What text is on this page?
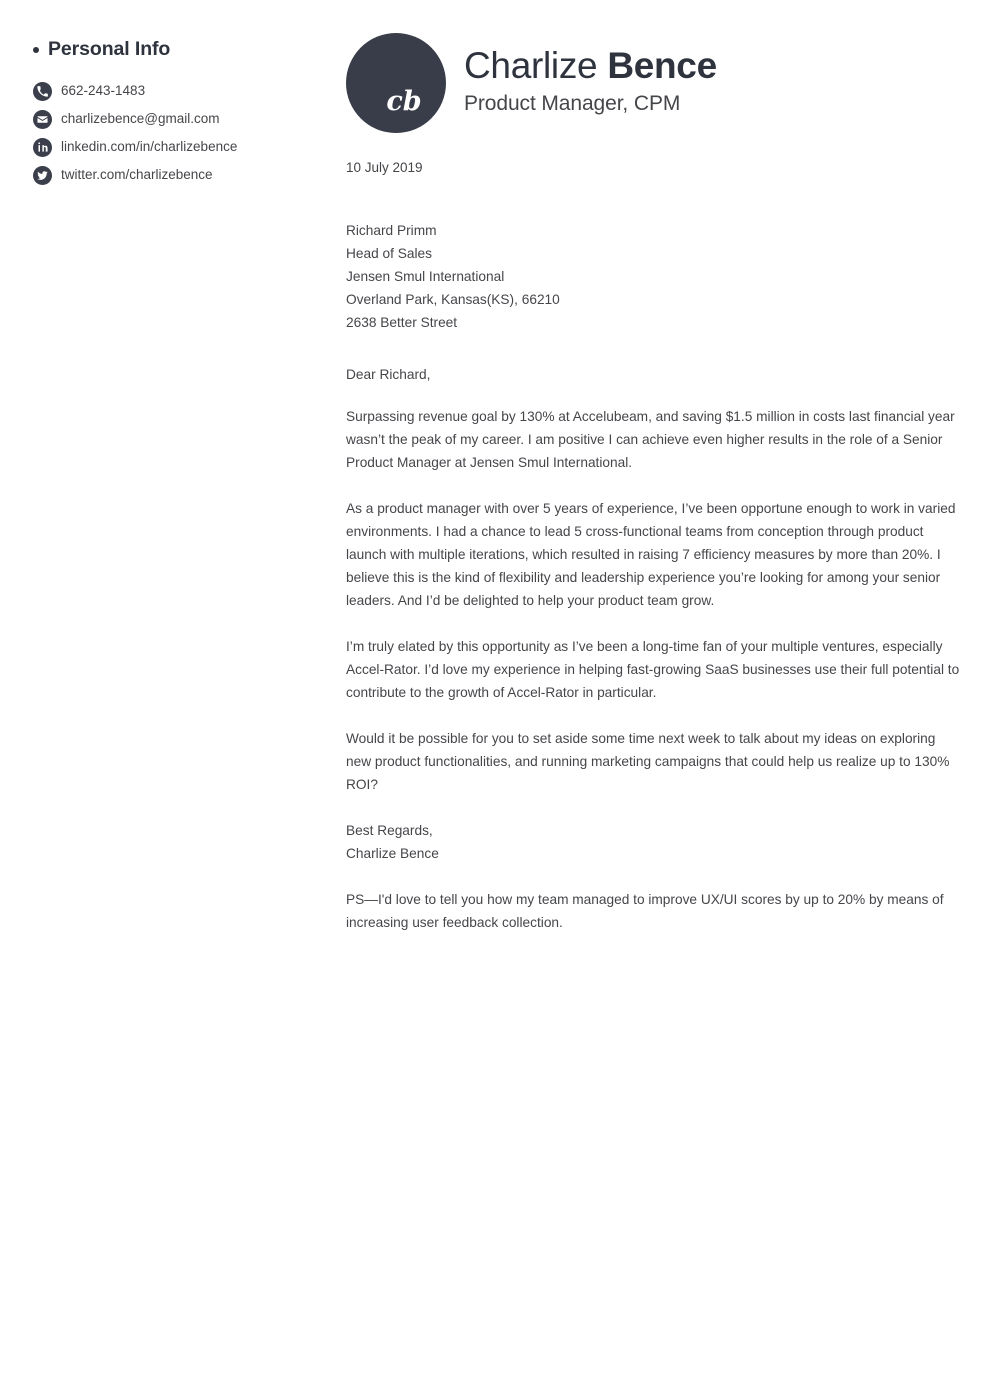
Personal Info
662-243-1483
charlizebence@gmail.com
linkedin.com/in/charlizebence
twitter.com/charlizebence
cb
Charlize Bence
Product Manager, CPM
10 July 2019
Richard Primm
Head of Sales
Jensen Smul International
Overland Park, Kansas(KS), 66210
2638 Better Street
Dear Richard,

Surpassing revenue goal by 130% at Accelubeam, and saving $1.5 million in costs last financial year wasn’t the peak of my career. I am positive I can achieve even higher results in the role of a Senior Product Manager at Jensen Smul International.

As a product manager with over 5 years of experience, I’ve been opportune enough to work in varied environments. I had a chance to lead 5 cross-functional teams from conception through product launch with multiple iterations, which resulted in raising 7 efficiency measures by more than 20%. I believe this is the kind of flexibility and leadership experience you’re looking for among your senior leaders. And I’d be delighted to help your product team grow.

I’m truly elated by this opportunity as I’ve been a long-time fan of your multiple ventures, especially Accel-Rator. I’d love my experience in helping fast-growing SaaS businesses use their full potential to contribute to the growth of Accel-Rator in particular.

Would it be possible for you to set aside some time next week to talk about my ideas on exploring new product functionalities, and running marketing campaigns that could help us realize up to 130% ROI?

Best Regards,
Charlize Bence

PS—I'd love to tell you how my team managed to improve UX/UI scores by up to 20% by means of increasing user feedback collection.
